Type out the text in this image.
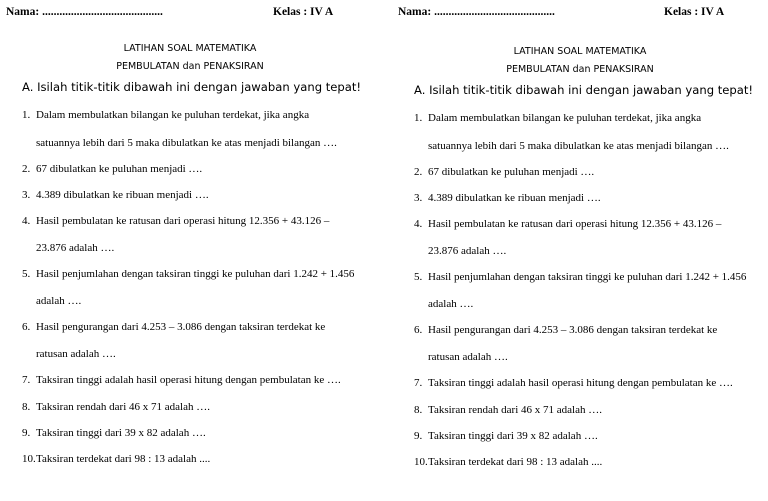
Nama: ..........................................	Kelas : IV A
LATIHAN SOAL MATEMATIKA
PEMBULATAN dan PENAKSIRAN
A. Isilah titik-titik dibawah ini dengan jawaban yang tepat!
1. Dalam membulatkan bilangan ke puluhan terdekat, jika angka
satuannya lebih dari 5 maka dibulatkan ke atas menjadi bilangan ….
2. 67 dibulatkan ke puluhan menjadi ….
3. 4.389 dibulatkan ke ribuan menjadi ….
4. Hasil pembulatan ke ratusan dari operasi hitung 12.356 + 43.126 –
23.876 adalah ….
5. Hasil penjumlahan dengan taksiran tinggi ke puluhan dari 1.242 + 1.456
adalah ….
6. Hasil pengurangan dari 4.253 – 3.086 dengan taksiran terdekat ke
ratusan adalah ….
7. Taksiran tinggi adalah hasil operasi hitung dengan pembulatan ke ….
8. Taksiran rendah dari 46 x 71 adalah ….
9. Taksiran tinggi dari 39 x 82 adalah ….
10.Taksiran terdekat dari 98 : 13 adalah ....
Nama: ..........................................	Kelas : IV A
LATIHAN SOAL MATEMATIKA
PEMBULATAN dan PENAKSIRAN
A. Isilah titik-titik dibawah ini dengan jawaban yang tepat!
1. Dalam membulatkan bilangan ke puluhan terdekat, jika angka
satuannya lebih dari 5 maka dibulatkan ke atas menjadi bilangan ….
2. 67 dibulatkan ke puluhan menjadi ….
3. 4.389 dibulatkan ke ribuan menjadi ….
4. Hasil pembulatan ke ratusan dari operasi hitung 12.356 + 43.126 –
23.876 adalah ….
5. Hasil penjumlahan dengan taksiran tinggi ke puluhan dari 1.242 + 1.456
adalah ….
6. Hasil pengurangan dari 4.253 – 3.086 dengan taksiran terdekat ke
ratusan adalah ….
7. Taksiran tinggi adalah hasil operasi hitung dengan pembulatan ke ….
8. Taksiran rendah dari 46 x 71 adalah ….
9. Taksiran tinggi dari 39 x 82 adalah ….
10.Taksiran terdekat dari 98 : 13 adalah ....
